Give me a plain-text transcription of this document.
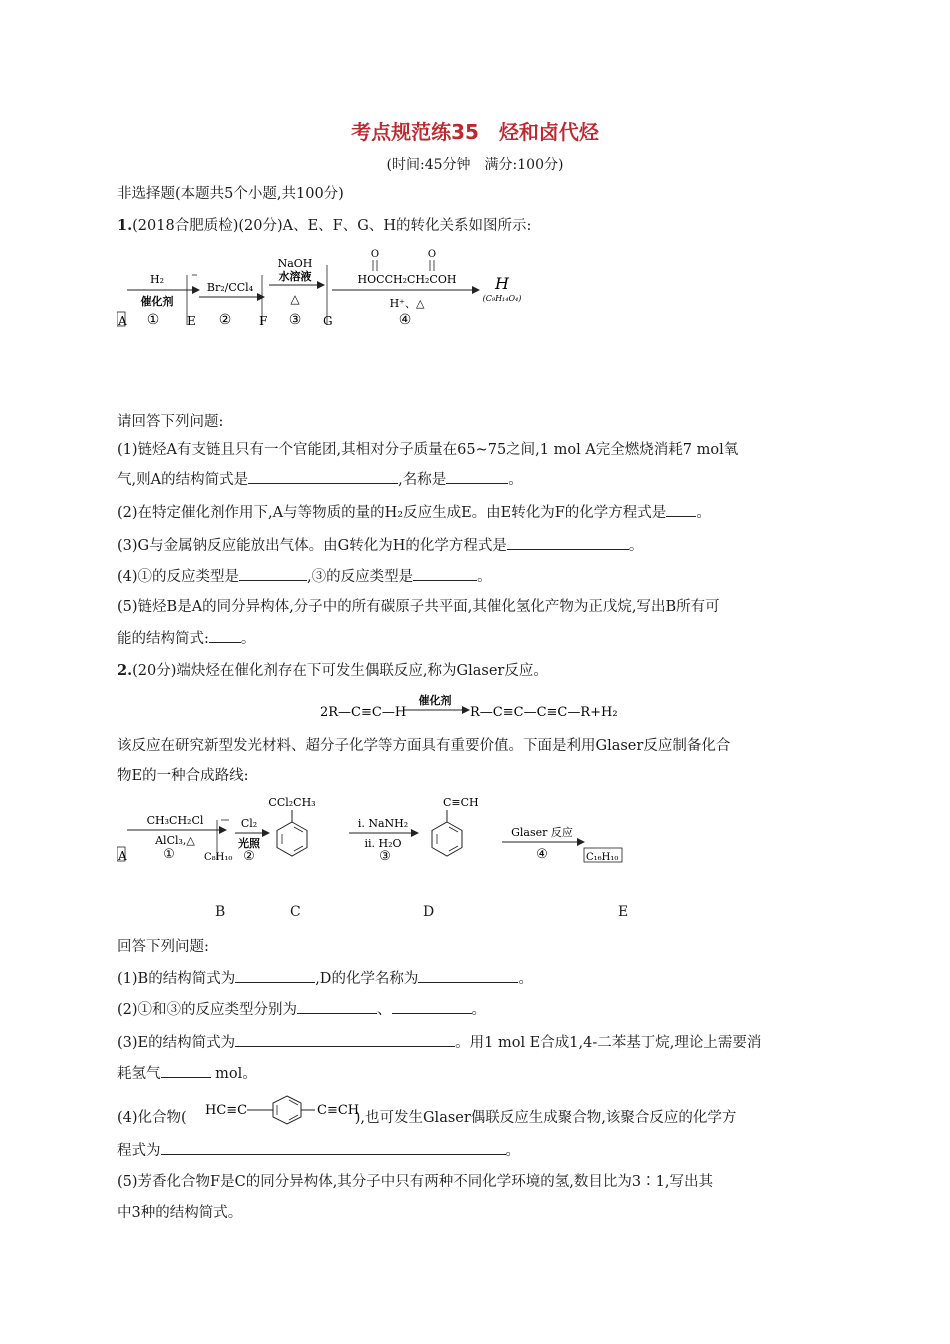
考点规范练35　烃和卤代烃
(时间:45分钟　满分:100分)
非选择题(本题共5个小题,共100分)
1.(2018合肥质检)(20分)A、E、F、G、H的转化关系如图所示:
H₂
催化剂
①
A	E
Br₂/CCl₄
② F
NaOH
水溶液
△
③ G
O	O
HOCCH₂CH₂COH
H⁺、△
④
H
(C₉H₁₄O₄)
请回答下列问题:
(1)链烃A有支链且只有一个官能团,其相对分子质量在65~75之间,1 mol A完全燃烧消耗7 mol氧
气,则A的结构简式是	,名称是	。
(2)在特定催化剂作用下,A与等物质的量的H₂反应生成E。由E转化为F的化学方程式是 。
(3)G与金属钠反应能放出气体。由G转化为H的化学方程式是	。
(4)①的反应类型是	,③的反应类型是	。
(5)链烃B是A的同分异构体,分子中的所有碳原子共平面,其催化氢化产物为正戊烷,写出B所有可
能的结构简式: 。
2.(20分)端炔烃在催化剂存在下可发生偶联反应,称为Glaser反应。
2R—C≡C—H
催化剂
R—C≡C—C≡C—R+H₂
该反应在研究新型发光材料、超分子化学等方面具有重要价值。下面是利用Glaser反应制备化合
物E的一种合成路线:
A
CH₃CH₂Cl
AlCl₃,△
①	C₈H₁₀
Cl₂
光照
②
CCl₂CH₃
ⅰ. NaNH₂
ⅱ. H₂O
③
C≡CH
Glaser 反应
④	C₁₆H₁₀
B	C	D	E
回答下列问题:
(1)B的结构简式为	,D的化学名称为	。
(2)①和③的反应类型分别为	、	。
(3)E的结构简式为	。用1 mol E合成1,4-二苯基丁烷,理论上需要消
耗氢气	mol。
(4)化合物(	),也可发生Glaser偶联反应生成聚合物,该聚合反应的化学方
HC≡C	C≡CH
程式为	。
(5)芳香化合物F是C的同分异构体,其分子中只有两种不同化学环境的氢,数目比为3∶1,写出其
中3种的结构简式。
